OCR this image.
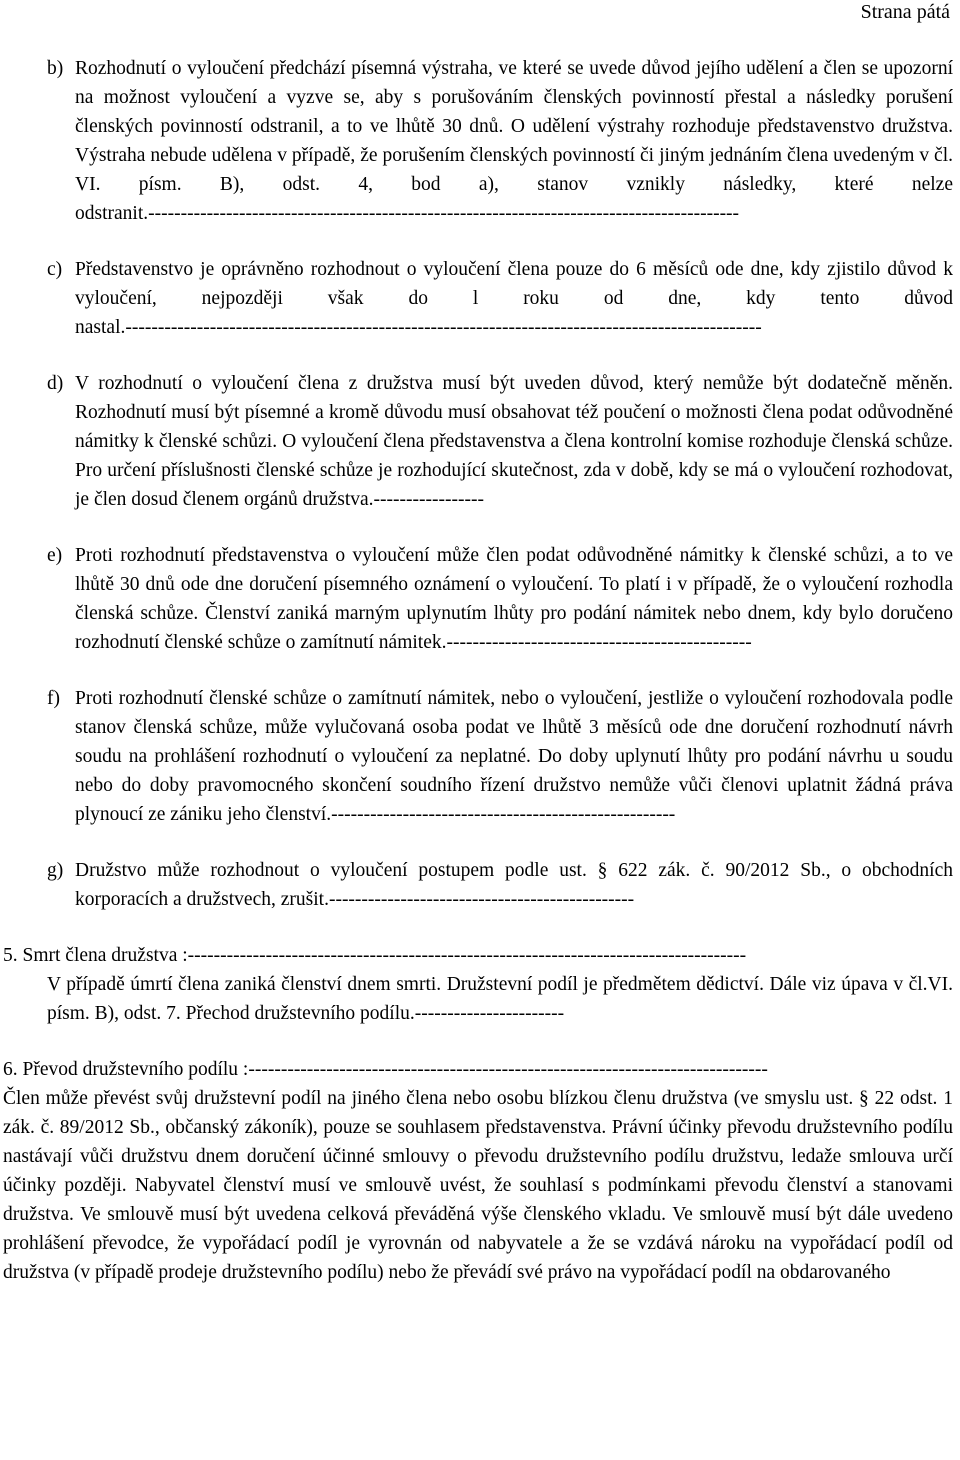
Strana pátá
b) Rozhodnutí o vyloučení předchází písemná výstraha, ve které se uvede důvod jejího udělení a člen se upozorní na možnost vyloučení a vyzve se, aby s porušováním členských povinností přestal a následky porušení členských povinností odstranil, a to ve lhůtě 30 dnů. O udělení výstrahy rozhoduje představenstvo družstva. Výstraha nebude udělena v případě, že porušením členských povinností či jiným jednáním člena uvedeným v čl. VI. písm. B), odst. 4, bod a), stanov vznikly následky, které nelze odstranit.-------------------------------------------------------------------------------------------
c) Představenstvo je oprávněno rozhodnout o vyloučení člena pouze do 6 měsíců ode dne, kdy zjistilo důvod k vyloučení, nejpozději však do l roku od dne, kdy tento důvod nastal.--------------------------------------------------------------------------------------------------
d) V rozhodnutí o vyloučení člena z družstva musí být uveden důvod, který nemůže být dodatečně měněn. Rozhodnutí musí být písemné a kromě důvodu musí obsahovat též poučení o možnosti člena podat odůvodněné námitky k členské schůzi. O vyloučení člena představenstva a člena kontrolní komise rozhoduje členská schůze. Pro určení příslušnosti členské schůze je rozhodující skutečnost, zda v době, kdy se má o vyloučení rozhodovat, je člen dosud členem orgánů družstva.-----------------
e) Proti rozhodnutí představenstva o vyloučení může člen podat odůvodněné námitky k členské schůzi, a to ve lhůtě 30 dnů ode dne doručení písemného oznámení o vyloučení. To platí i v případě, že o vyloučení rozhodla členská schůze. Členství zaniká marným uplynutím lhůty pro podání námitek nebo dnem, kdy bylo doručeno rozhodnutí členské schůze o zamítnutí námitek.-----------------------------------------------
f) Proti rozhodnutí členské schůze o zamítnutí námitek, nebo o vyloučení, jestliže o vyloučení rozhodovala podle stanov členská schůze, může vylučovaná osoba podat ve lhůtě 3 měsíců ode dne doručení rozhodnutí návrh soudu na prohlášení rozhodnutí o vyloučení za neplatné. Do doby uplynutí lhůty pro podání návrhu u soudu nebo do doby pravomocného skončení soudního řízení družstvo nemůže vůči členovi uplatnit žádná práva plynoucí ze zániku jeho členství.-----------------------------------------------------
g) Družstvo může rozhodnout o vyloučení postupem podle ust. § 622 zák. č. 90/2012 Sb., o obchodních korporacích a družstvech, zrušit.-----------------------------------------------
5. Smrt člena družstva :--------------------------------------------------------------------------------------
V případě úmrtí člena zaniká členství dnem smrti. Družstevní podíl je předmětem dědictví. Dále viz úpava v čl.VI. písm. B), odst. 7. Přechod družstevního podílu.-----------------------
6. Převod družstevního podílu :--------------------------------------------------------------------------------
Člen může převést svůj družstevní podíl na jiného člena nebo osobu blízkou členu družstva (ve smyslu ust. § 22 odst. 1 zák. č. 89/2012 Sb., občanský zákoník), pouze se souhlasem představenstva. Právní účinky převodu družstevního podílu nastávají vůči družstvu dnem doručení účinné smlouvy o převodu družstevního podílu družstvu, ledaže smlouva určí účinky později. Nabyvatel členství musí ve smlouvě uvést, že souhlasí s podmínkami převodu členství a stanovami družstva. Ve smlouvě musí být uvedena celková převáděná výše členského vkladu. Ve smlouvě musí být dále uvedeno prohlášení převodce, že vypořádací podíl je vyrovnán od nabyvatele a že se vzdává nároku na vypořádací podíl od družstva (v případě prodeje družstevního podílu) nebo že převádí své právo na vypořádací podíl na obdarovaného
